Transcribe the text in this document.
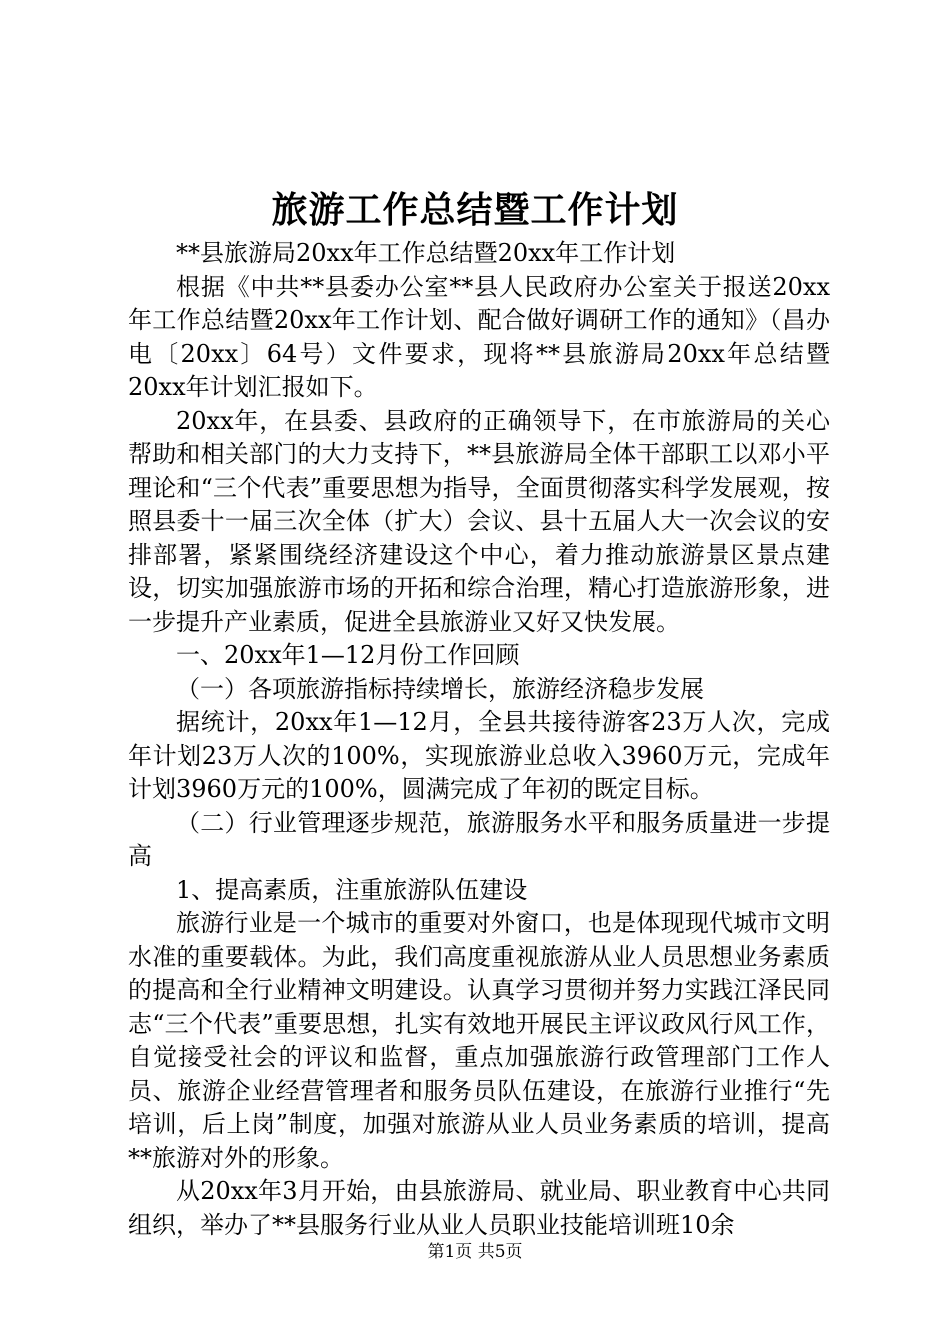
旅游工作总结暨工作计划

**县旅游局20xx年工作总结暨20xx年工作计划

根据《中共**县委办公室**县人民政府办公室关于报送20xx年工作总结暨20xx年工作计划、配合做好调研工作的通知》（昌办电〔20xx〕64号）文件要求，现将**县旅游局20xx年总结暨20xx年计划汇报如下。

20xx年，在县委、县政府的正确领导下，在市旅游局的关心帮助和相关部门的大力支持下，**县旅游局全体干部职工以邓小平理论和“三个代表”重要思想为指导，全面贯彻落实科学发展观，按照县委十一届三次全体（扩大）会议、县十五届人大一次会议的安排部署，紧紧围绕经济建设这个中心，着力推动旅游景区景点建设，切实加强旅游市场的开拓和综合治理，精心打造旅游形象，进一步提升产业素质，促进全县旅游业又好又快发展。

一、20xx年1—12月份工作回顾

（一）各项旅游指标持续增长，旅游经济稳步发展

据统计，20xx年1—12月，全县共接待游客23万人次，完成年计划23万人次的100%，实现旅游业总收入3960万元，完成年计划3960万元的100%，圆满完成了年初的既定目标。

（二）行业管理逐步规范，旅游服务水平和服务质量进一步提高

1、提高素质，注重旅游队伍建设

旅游行业是一个城市的重要对外窗口，也是体现现代城市文明水准的重要载体。为此，我们高度重视旅游从业人员思想业务素质的提高和全行业精神文明建设。认真学习贯彻并努力实践江泽民同志“三个代表”重要思想，扎实有效地开展民主评议政风行风工作，自觉接受社会的评议和监督，重点加强旅游行政管理部门工作人员、旅游企业经营管理者和服务员队伍建设，在旅游行业推行“先培训，后上岗”制度，加强对旅游从业人员业务素质的培训，提高**旅游对外的形象。

从20xx年3月开始，由县旅游局、就业局、职业教育中心共同组织，举办了**县服务行业从业人员职业技能培训班10余

第1页 共5页
